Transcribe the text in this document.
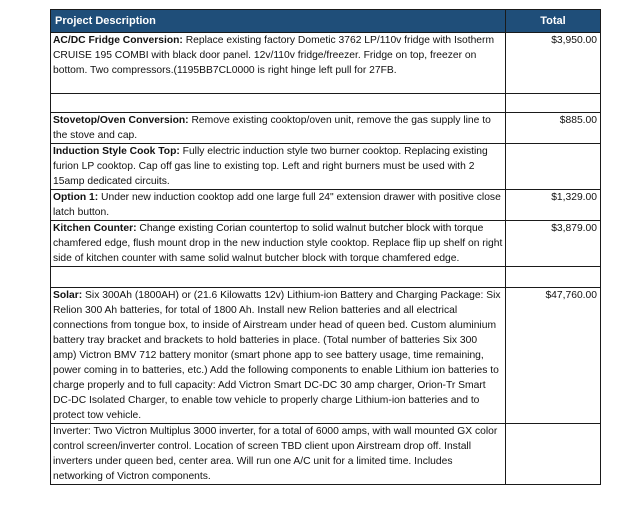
Project Description	Total
AC/DC Fridge Conversion: Replace existing factory Dometic 3762 LP/110v fridge with Isotherm CRUISE 195 COMBI with black door panel. 12v/110v fridge/freezer. Fridge on top, freezer on bottom. Two compressors.(1195BB7CL0000 is right hinge left pull for 27FB.	$3,950.00

Stovetop/Oven Conversion: Remove existing cooktop/oven unit, remove the gas supply line to the stove and cap.	$885.00
Induction Style Cook Top: Fully electric induction style two burner cooktop. Replacing existing furion LP cooktop. Cap off gas line to existing top. Left and right burners must be used with 2 15amp dedicated circuits.	
Option 1: Under new induction cooktop add one large full 24" extension drawer with positive close latch button.	$1,329.00
Kitchen Counter: Change existing Corian countertop to solid walnut butcher block with torque chamfered edge, flush mount drop in the new induction style cooktop. Replace flip up shelf on right side of kitchen counter with same solid walnut butcher block with torque chamfered edge.	$3,879.00

Solar: Six 300Ah (1800AH) or (21.6 Kilowatts 12v) Lithium-ion Battery and Charging Package: Six Relion 300 Ah batteries, for total of 1800 Ah. Install new Relion batteries and all electrical connections from tongue box, to inside of Airstream under head of queen bed. Custom aluminium battery tray bracket and brackets to hold batteries in place. (Total number of batteries Six 300 amp) Victron BMV 712 battery monitor (smart phone app to see battery usage, time remaining, power coming in to batteries, etc.) Add the following components to enable Lithium ion batteries to charge properly and to full capacity: Add Victron Smart DC-DC 30 amp charger, Orion-Tr Smart DC-DC Isolated Charger, to enable tow vehicle to properly charge Lithium-ion batteries and to protect tow vehicle.	$47,760.00
Inverter: Two Victron Multiplus 3000 inverter, for a total of 6000 amps, with wall mounted GX color control screen/inverter control. Location of screen TBD client upon Airstream drop off. Install inverters under queen bed, center area. Will run one A/C unit for a limited time. Includes networking of Victron components.	
